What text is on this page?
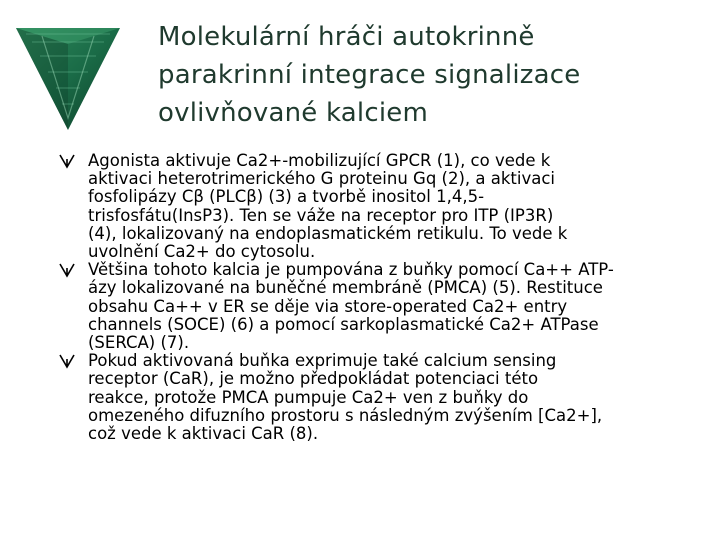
Molekulární hráči autokrinně
parakrinní integrace signalizace
ovlivňované kalciem
Agonista aktivuje Ca2+-mobilizující GPCR (1), co vede k
aktivaci heterotrimerického G proteinu Gq (2), a aktivaci
fosfolipázy Cβ (PLCβ) (3) a tvorbě inositol 1,4,5-
trisfosfátu(InsP3). Ten se váže na receptor pro ITP (IP3R)
(4), lokalizovaný na endoplasmatickém retikulu. To vede k
uvolnění Ca2+ do cytosolu.
Většina tohoto kalcia je pumpována z buňky pomocí Ca++ ATP-
ázy lokalizované na buněčné membráně (PMCA) (5). Restituce
obsahu Ca++ v ER se děje via store-operated Ca2+ entry
channels (SOCE) (6) a pomocí sarkoplasmatické Ca2+ ATPase
(SERCA) (7).
Pokud aktivovaná buňka exprimuje také calcium sensing
receptor (CaR), je možno předpokládat potenciaci této
reakce, protože PMCA pumpuje Ca2+ ven z buňky do
omezeného difuzního prostoru s následným zvýšením [Ca2+],
což vede k aktivaci CaR (8).
